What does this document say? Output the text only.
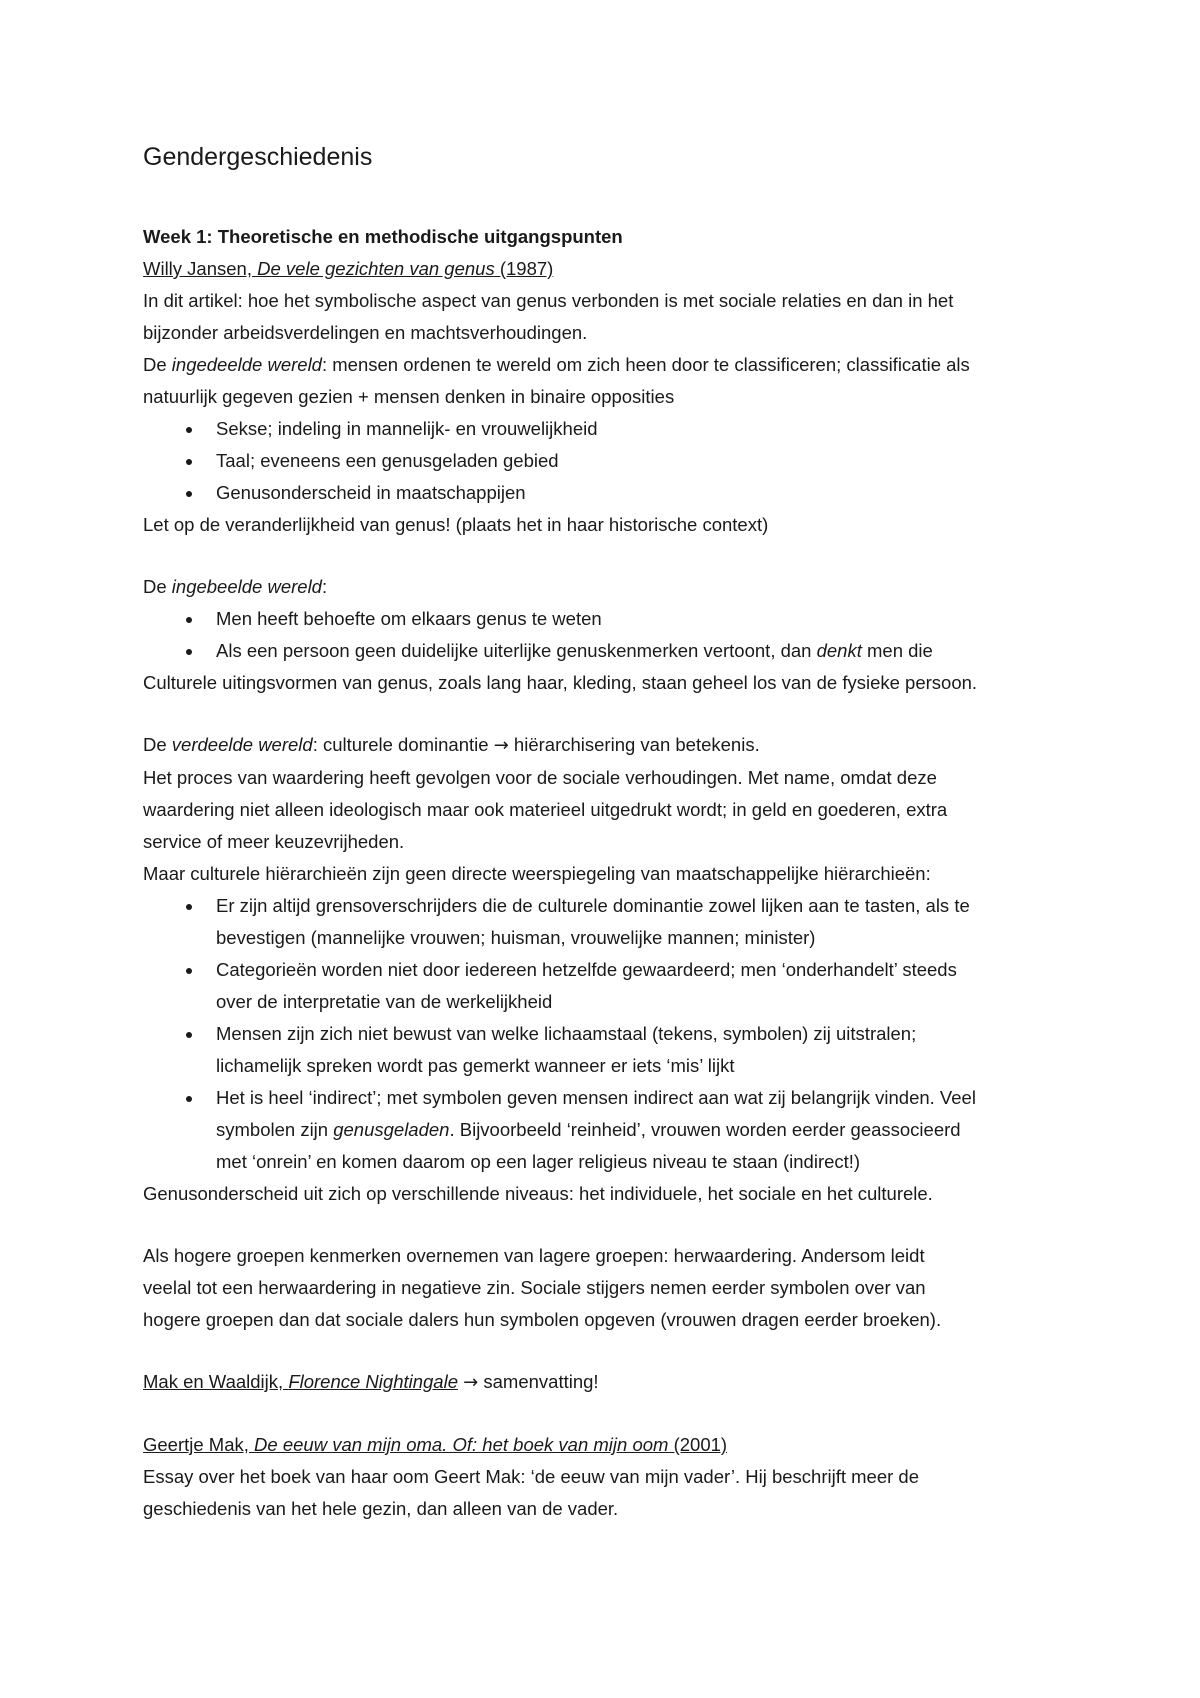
Gendergeschiedenis

Week 1: Theoretische en methodische uitgangspunten

Willy Jansen, De vele gezichten van genus (1987)

In dit artikel: hoe het symbolische aspect van genus verbonden is met sociale relaties en dan in het

bijzonder arbeidsverdelingen en machtsverhoudingen.

De ingedeelde wereld: mensen ordenen te wereld om zich heen door te classificeren; classificatie als

natuurlijk gegeven gezien + mensen denken in binaire opposities

Sekse; indeling in mannelijk- en vrouwelijkheid
Taal; eveneens een genusgeladen gebied
Genusonderscheid in maatschappijen

Let op de veranderlijkheid van genus! (plaats het in haar historische context)

De ingebeelde wereld:

Men heeft behoefte om elkaars genus te weten
Als een persoon geen duidelijke uiterlijke genuskenmerken vertoont, dan denkt men die

Culturele uitingsvormen van genus, zoals lang haar, kleding, staan geheel los van de fysieke persoon.

De verdeelde wereld: culturele dominantie → hiërarchisering van betekenis.

Het proces van waardering heeft gevolgen voor de sociale verhoudingen. Met name, omdat deze

waardering niet alleen ideologisch maar ook materieel uitgedrukt wordt; in geld en goederen, extra

service of meer keuzevrijheden.

Maar culturele hiërarchieën zijn geen directe weerspiegeling van maatschappelijke hiërarchieën:

Er zijn altijd grensoverschrijders die de culturele dominantie zowel lijken aan te tasten, als te
bevestigen (mannelijke vrouwen; huisman, vrouwelijke mannen; minister)
Categorieën worden niet door iedereen hetzelfde gewaardeerd; men ‘onderhandelt’ steeds
over de interpretatie van de werkelijkheid
Mensen zijn zich niet bewust van welke lichaamstaal (tekens, symbolen) zij uitstralen;
lichamelijk spreken wordt pas gemerkt wanneer er iets ‘mis’ lijkt
Het is heel ‘indirect’; met symbolen geven mensen indirect aan wat zij belangrijk vinden. Veel
symbolen zijn genusgeladen. Bijvoorbeeld ‘reinheid’, vrouwen worden eerder geassocieerd
met ‘onrein’ en komen daarom op een lager religieus niveau te staan (indirect!)

Genusonderscheid uit zich op verschillende niveaus: het individuele, het sociale en het culturele.

Als hogere groepen kenmerken overnemen van lagere groepen: herwaardering. Andersom leidt

veelal tot een herwaardering in negatieve zin. Sociale stijgers nemen eerder symbolen over van

hogere groepen dan dat sociale dalers hun symbolen opgeven (vrouwen dragen eerder broeken).

Mak en Waaldijk, Florence Nightingale → samenvatting!

Geertje Mak, De eeuw van mijn oma. Of: het boek van mijn oom (2001)

Essay over het boek van haar oom Geert Mak: ‘de eeuw van mijn vader’. Hij beschrijft meer de

geschiedenis van het hele gezin, dan alleen van de vader.
